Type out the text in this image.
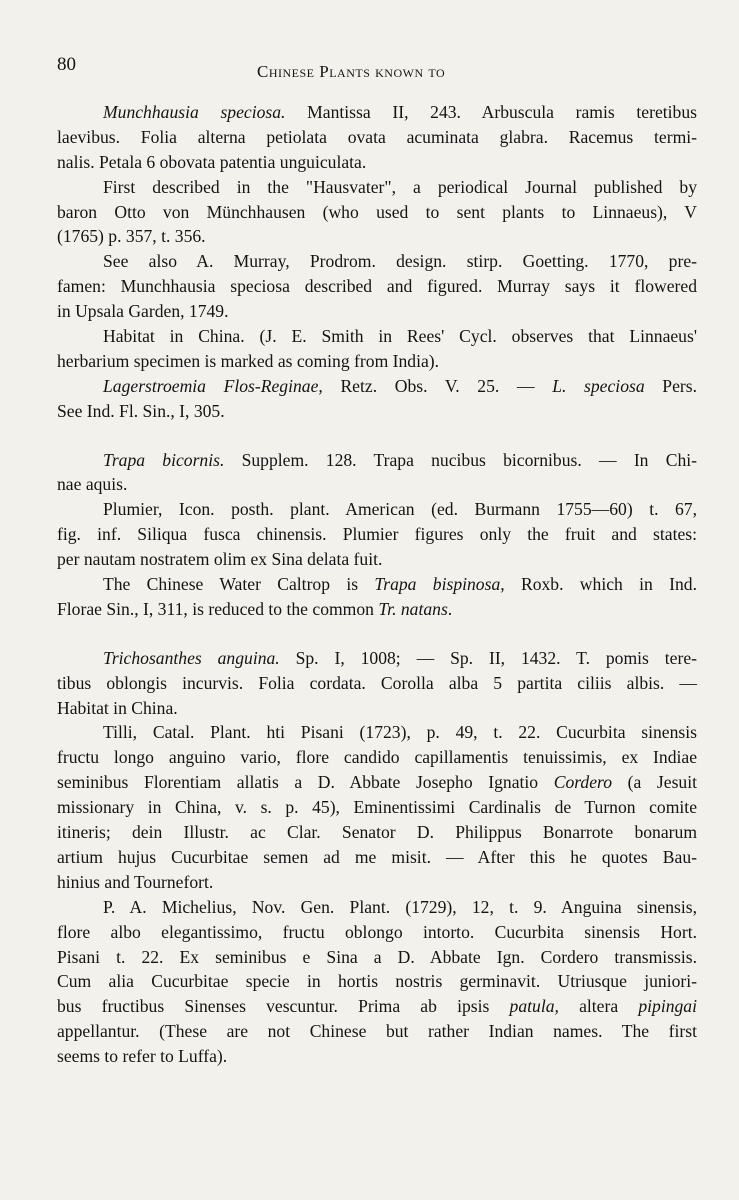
80	Chinese Plants known to
Munchhausia speciosa. Mantissa II, 243. Arbuscula ramis teretibus
laevibus. Folia alterna petiolata ovata acuminata glabra. Racemus termi-
nalis. Petala 6 obovata patentia unguiculata.
First described in the "Hausvater", a periodical Journal published by
baron Otto von Münchhausen (who used to sent plants to Linnaeus), V
(1765) p. 357, t. 356.
See also A. Murray, Prodrom. design. stirp. Goetting. 1770, pre-
famen: Munchhausia speciosa described and figured. Murray says it flowered
in Upsala Garden, 1749.
Habitat in China. (J. E. Smith in Rees' Cycl. observes that Linnaeus'
herbarium specimen is marked as coming from India).
Lagerstroemia Flos-Reginae, Retz. Obs. V. 25. — L. speciosa Pers.
See Ind. Fl. Sin., I, 305.
Trapa bicornis. Supplem. 128. Trapa nucibus bicornibus. — In Chi-
nae aquis.
Plumier, Icon. posth. plant. American (ed. Burmann 1755—60) t. 67,
fig. inf. Siliqua fusca chinensis. Plumier figures only the fruit and states:
per nautam nostratem olim ex Sina delata fuit.
The Chinese Water Caltrop is Trapa bispinosa, Roxb. which in Ind.
Florae Sin., I, 311, is reduced to the common Tr. natans.
Trichosanthes anguina. Sp. I, 1008; — Sp. II, 1432. T. pomis tere-
tibus oblongis incurvis. Folia cordata. Corolla alba 5 partita ciliis albis. —
Habitat in China.
Tilli, Catal. Plant. hti Pisani (1723), p. 49, t. 22. Cucurbita sinensis
fructu longo anguino vario, flore candido capillamentis tenuissimis, ex Indiae
seminibus Florentiam allatis a D. Abbate Josepho Ignatio Cordero (a Jesuit
missionary in China, v. s. p. 45), Eminentissimi Cardinalis de Turnon comite
itineris; dein Illustr. ac Clar. Senator D. Philippus Bonarrote bonarum
artium hujus Cucurbitae semen ad me misit. — After this he quotes Bau-
hinius and Tournefort.
P. A. Michelius, Nov. Gen. Plant. (1729), 12, t. 9. Anguina sinensis,
flore albo elegantissimo, fructu oblongo intorto. Cucurbita sinensis Hort.
Pisani t. 22. Ex seminibus e Sina a D. Abbate Ign. Cordero transmissis.
Cum alia Cucurbitae specie in hortis nostris germinavit. Utriusque juniori-
bus fructibus Sinenses vescuntur. Prima ab ipsis patula, altera pipingai
appellantur. (These are not Chinese but rather Indian names. The first
seems to refer to Luffa).
